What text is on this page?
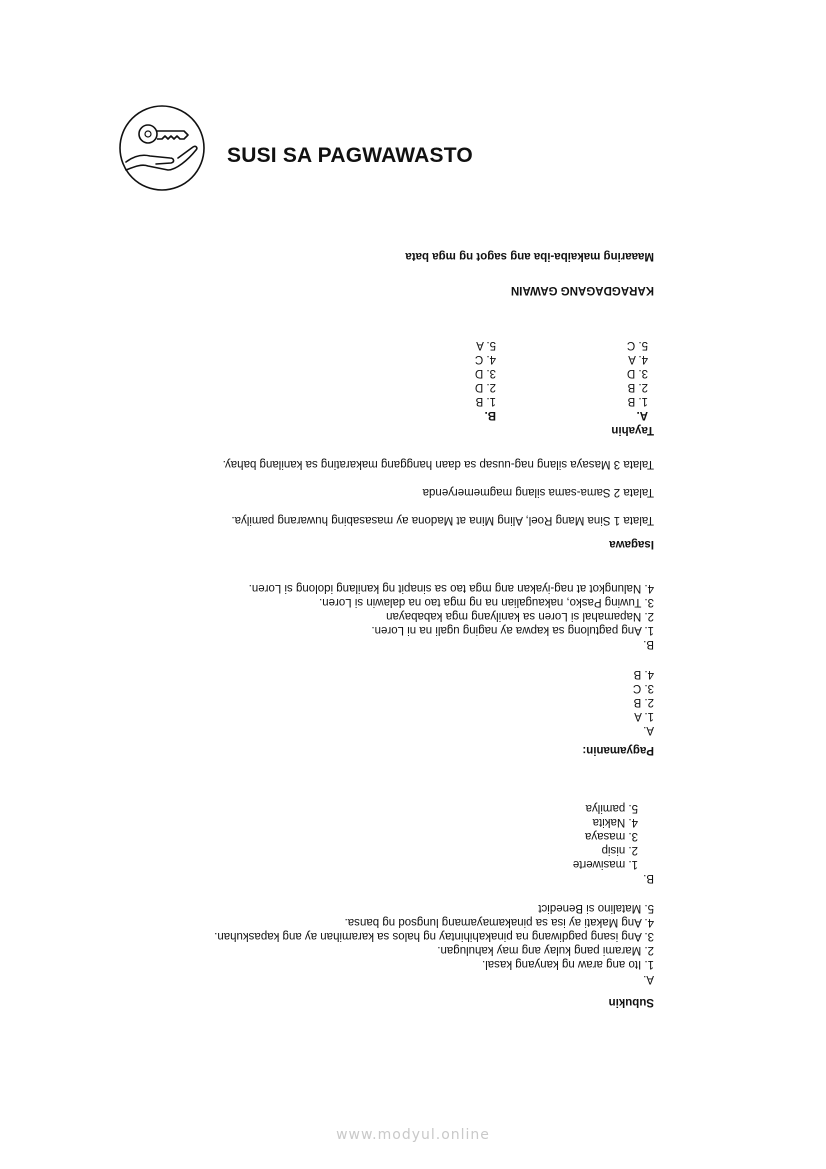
SUSI SA PAGWAWASTO
Subukin
A.
1. Ito ang araw ng kanyang kasal.
2. Marami pang kulay ang may kahulugan.
3. Ang isang pagdiwang na pinakahihintay ng halos sa karamihan ay ang kapaskuhan.
4. Ang Makati ay isa sa pinakamayamang lungsod ng bansa.
5. Matalino si Benedict
B.
1. masiwerte
2. nisip
3. masaya
4. Nakita
5. pamilya
Pagyamanin:
A.
1. A
2. B
3. C
4. B
B.
1. Ang pagtulong sa kapwa ay naging ugali na ni Loren.
2. Napamahal si Loren sa kanilyang mga kababayan
3. Tuwing Pasko, nakaugalian na ng mga tao na dalawin si Loren.
4. Nalungkot at nag-iyakan ang mga tao sa sinapit ng kanilang idolong si Loren.
Isagawa
Talata 1 Sina Mang Roel, Aling Mina at Madona ay masasabing huwarang pamilya.
Talata 2 Sama-sama silang magmemeryenda
Talata 3 Masaya silang nag-uusap sa daan hanggang makarating sa kanilang bahay.
Tayahin
A.
1. B
2. B
3. D
4. A
5. C
B.
1. B
2. D
3. D
4. C
5. A
KARAGDAGANG GAWAIN
Maaaring makaiba-iba ang sagot ng mga bata
www.modyul.online
